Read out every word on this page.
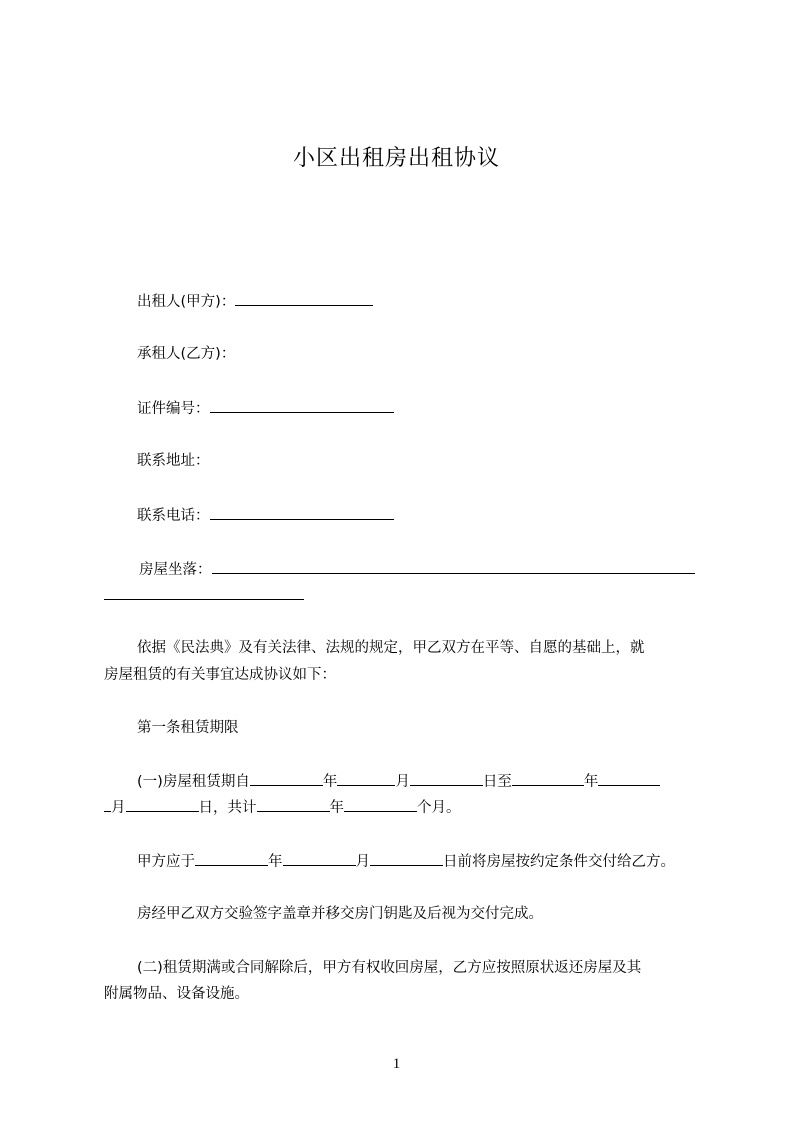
小区出租房出租协议
出租人(甲方)：
承租人(乙方)：
证件编号：
联系地址：
联系电话：
房屋坐落：
依据《民法典》及有关法律、法规的规定，甲乙双方在平等、自愿的基础上，就
房屋租赁的有关事宜达成协议如下：
第一条租赁期限
(一)房屋租赁期自	年	月	日至	年
月	日，共计	年	个月。
甲方应于	年	月	日前将房屋按约定条件交付给乙方。
房经甲乙双方交验签字盖章并移交房门钥匙及后视为交付完成。
(二)租赁期满或合同解除后，甲方有权收回房屋，乙方应按照原状返还房屋及其
附属物品、设备设施。
1
